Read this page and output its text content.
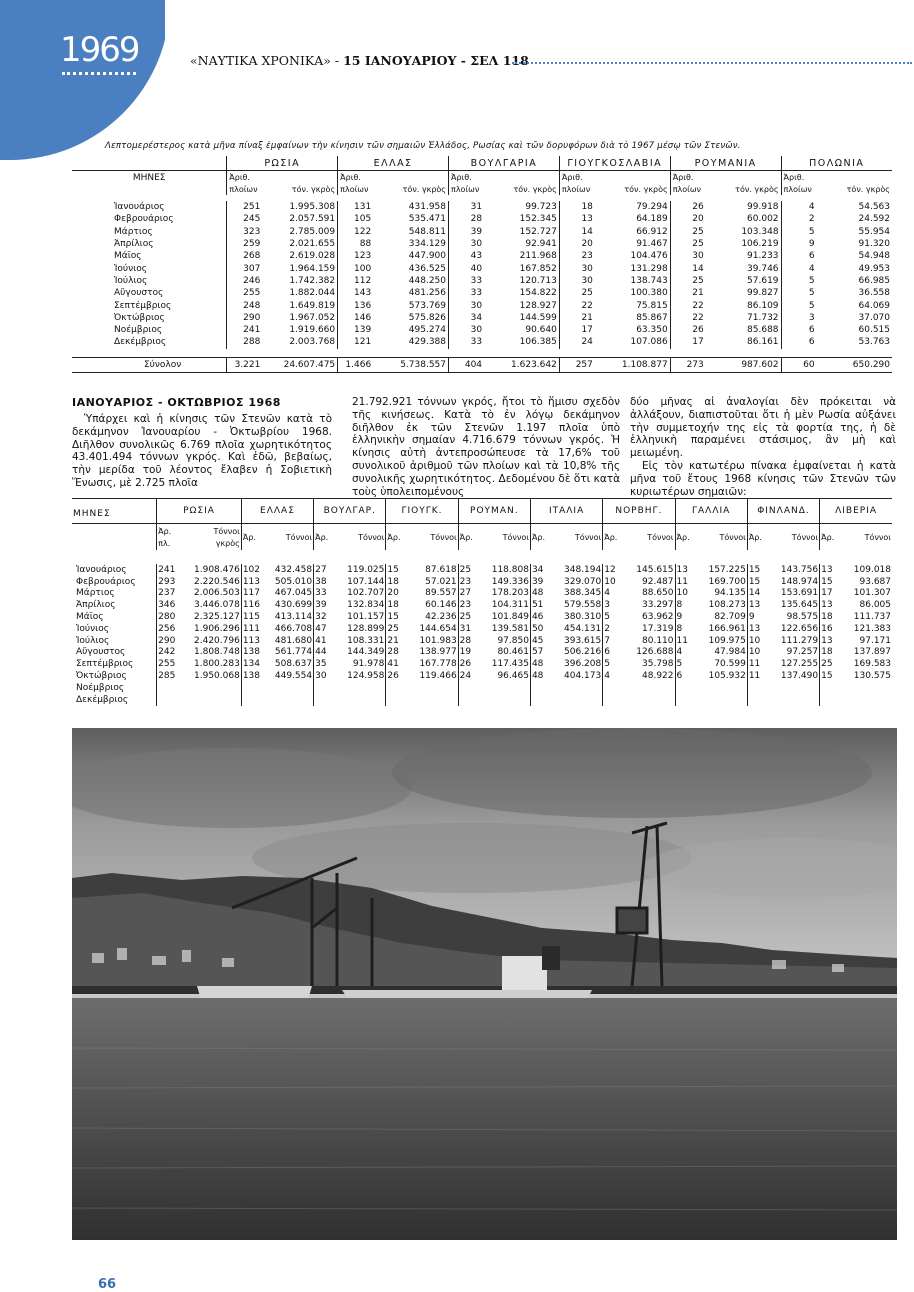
1969	«ΝΑΥΤΙΚΑ ΧΡΟΝΙΚΑ» - 15 ΙΑΝΟΥΑΡΙΟΥ - ΣΕΛ 118
Λεπτομερέστερος κατὰ μῆνα πίναξ ἐμφαίνων τὴν κίνησιν τῶν σημαιῶν Ἑλλάδος, Ρωσίας καὶ τῶν δορυφόρων διὰ τὸ 1967 μέσῳ τῶν Στενῶν.
	ΡΩΣΙΑ		ΕΛΛΑΣ		ΒΟΥΛΓΑΡΙΑ		ΓΙΟΥΓΚΟΣΛΑΒΙΑ		ΡΟΥΜΑΝΙΑ		ΠΟΛΩΝΙΑ	
ΜΗΝΕΣ	Ἀριθ.		Ἀριθ.		Ἀριθ.		Ἀριθ.		Ἀριθ.		Ἀριθ.	
	πλοίων	τόν. γκρὸς	πλοίων	τόν. γκρὸς	πλοίων	τόν. γκρὸς	πλοίων	τόν. γκρὸς	πλοίων	τόν. γκρὸς	πλοίων	τόν. γκρὸς

Ἰανουάριος	251	1.995.308	131	431.958	31	99.723	18	79.294	26	99.918	4	54.563
Φεβρουάριος	245	2.057.591	105	535.471	28	152.345	13	64.189	20	60.002	2	24.592
Μάρτιος	323	2.785.009	122	548.811	39	152.727	14	66.912	25	103.348	5	55.954
Ἀπρίλιος	259	2.021.655	88	334.129	30	92.941	20	91.467	25	106.219	9	91.320
Μάϊος	268	2.619.028	123	447.900	43	211.968	23	104.476	30	91.233	6	54.948
Ἰούνιος	307	1.964.159	100	436.525	40	167.852	30	131.298	14	39.746	4	49.953
Ἰούλιος	246	1.742.382	112	448.250	33	120.713	30	138.743	25	57.619	5	66.985
Αὔγουστος	255	1.882.044	143	481.256	33	154.822	25	100.380	21	99.827	5	36.558
Σεπτέμβριος	248	1.649.819	136	573.769	30	128.927	22	75.815	22	86.109	5	64.069
Ὀκτώβριος	290	1.967.052	146	575.826	34	144.599	21	85.867	22	71.732	3	37.070
Νοέμβριος	241	1.919.660	139	495.274	30	90.640	17	63.350	26	85.688	6	60.515
Δεκέμβριος	288	2.003.768	121	429.388	33	106.385	24	107.086	17	86.161	6	53.763

Σύνολον	3.221	24.607.475	1.466	5.738.557	404	1.623.642	257	1.108.877	273	987.602	60	650.290
ΙΑΝΟΥΑΡΙΟΣ - ΟΚΤΩΒΡΙΟΣ 1968
Ὑπάρχει καὶ ἡ κίνησις τῶν Στενῶν κατὰ τὸ δεκάμηνον Ἰανουαρίου - Ὀκτωβρίου 1968. Διῆλθον συνολικῶς 6.769 πλοῖα χωρητικότητος 43.401.494 τόννων γκρός. Καὶ ἐδῶ, βεβαίως, τὴν μερίδα τοῦ λέοντος ἔλαβεν ἡ Σοβιετικὴ Ἕνωσις, μὲ 2.725 πλοῖα
21.792.921 τόννων γκρός, ἤτοι τὸ ἥμισυ σχεδὸν τῆς κινήσεως. Κατὰ τὸ ἐν λόγῳ δεκάμηνον διῆλθον ἐκ τῶν Στενῶν 1.197 πλοῖα ὑπὸ ἑλληνικὴν σημαίαν 4.716.679 τόννων γκρός. Ἡ κίνησις αὐτὴ ἀντεπροσώπευσε τὰ 17,6% τοῦ συνολικοῦ ἀριθμοῦ τῶν πλοίων καὶ τὰ 10,8% τῆς συνολικῆς χωρητικότητος. Δεδομένου δὲ ὅτι κατὰ τοὺς ὑπολειπομένους
δύο μῆνας αἱ ἀναλογίαι δὲν πρόκειται νὰ ἀλλάξουν, διαπιστοῦται ὅτι ἡ μὲν Ρωσία αὐξάνει τὴν συμμετοχήν της εἰς τὰ φορτία της, ἡ δὲ ἑλληνικὴ παραμένει στάσιμος, ἂν μὴ καὶ μειωμένη.
Εἰς τὸν κατωτέρω πίνακα ἐμφαίνεται ἡ κατὰ μῆνα τοῦ ἔτους 1968 κίνησις τῶν Στενῶν τῶν κυριωτέρων σημαιῶν:
ΜΗΝΕΣ	ΡΩΣΙΑ		ΕΛΛΑΣ		ΒΟΥΛΓΑΡ.		ΓΙΟΥΓΚ.		ΡΟΥΜΑΝ.		ΙΤΑΛΙΑ		ΝΟΡΒΗΓ.		ΓΑΛΛΙΑ		ΦΙΝΛΑΝΔ.		ΛΙΒΕΡΙΑ	
	Ἀρ.
πλ.	Τόννοι
γκρὸς	Ἀρ.	Τόννοι	Ἀρ.	Τόννοι	Ἀρ.	Τόννοι	Ἀρ.	Τόννοι	Ἀρ.	Τόννοι	Ἀρ.	Τόννοι	Ἀρ.	Τόννοι	Ἀρ.	Τόννοι	Ἀρ.	Τόννοι

Ἰανουάριος	241	1.908.476	102	432.458	27	119.025	15	87.618	25	118.808	34	348.194	12	145.615	13	157.225	15	143.756	13	109.018
Φεβρουάριος	293	2.220.546	113	505.010	38	107.144	18	57.021	23	149.336	39	329.070	10	92.487	11	169.700	15	148.974	15	93.687
Μάρτιος	237	2.006.503	117	467.045	33	102.707	20	89.557	27	178.203	48	388.345	4	88.650	10	94.135	14	153.691	17	101.307
Ἀπρίλιος	346	3.446.078	116	430.699	39	132.834	18	60.146	23	104.311	51	579.558	3	33.297	8	108.273	13	135.645	13	86.005
Μάϊος	280	2.325.127	115	413.114	32	101.157	15	42.236	25	101.849	46	380.310	5	63.962	9	82.709	9	98.575	18	111.737
Ἰούνιος	256	1.906.296	111	466.708	47	128.899	25	144.654	31	139.581	50	454.131	2	17.319	8	166.961	13	122.656	16	121.383
Ἰούλιος	290	2.420.796	113	481.680	41	108.331	21	101.983	28	97.850	45	393.615	7	80.110	11	109.975	10	111.279	13	97.171
Αὔγουστος	242	1.808.748	138	561.774	44	144.349	28	138.977	19	80.461	57	506.216	6	126.688	4	47.984	10	97.257	18	137.897
Σεπτέμβριος	255	1.800.283	134	508.637	35	91.978	41	167.778	26	117.435	48	396.208	5	35.798	5	70.599	11	127.255	25	169.583
Ὀκτώβριος	285	1.950.068	138	449.554	30	124.958	26	119.466	24	96.465	48	404.173	4	48.922	6	105.932	11	137.490	15	130.575
Νοέμβριος																				
Δεκέμβριος																				
66
